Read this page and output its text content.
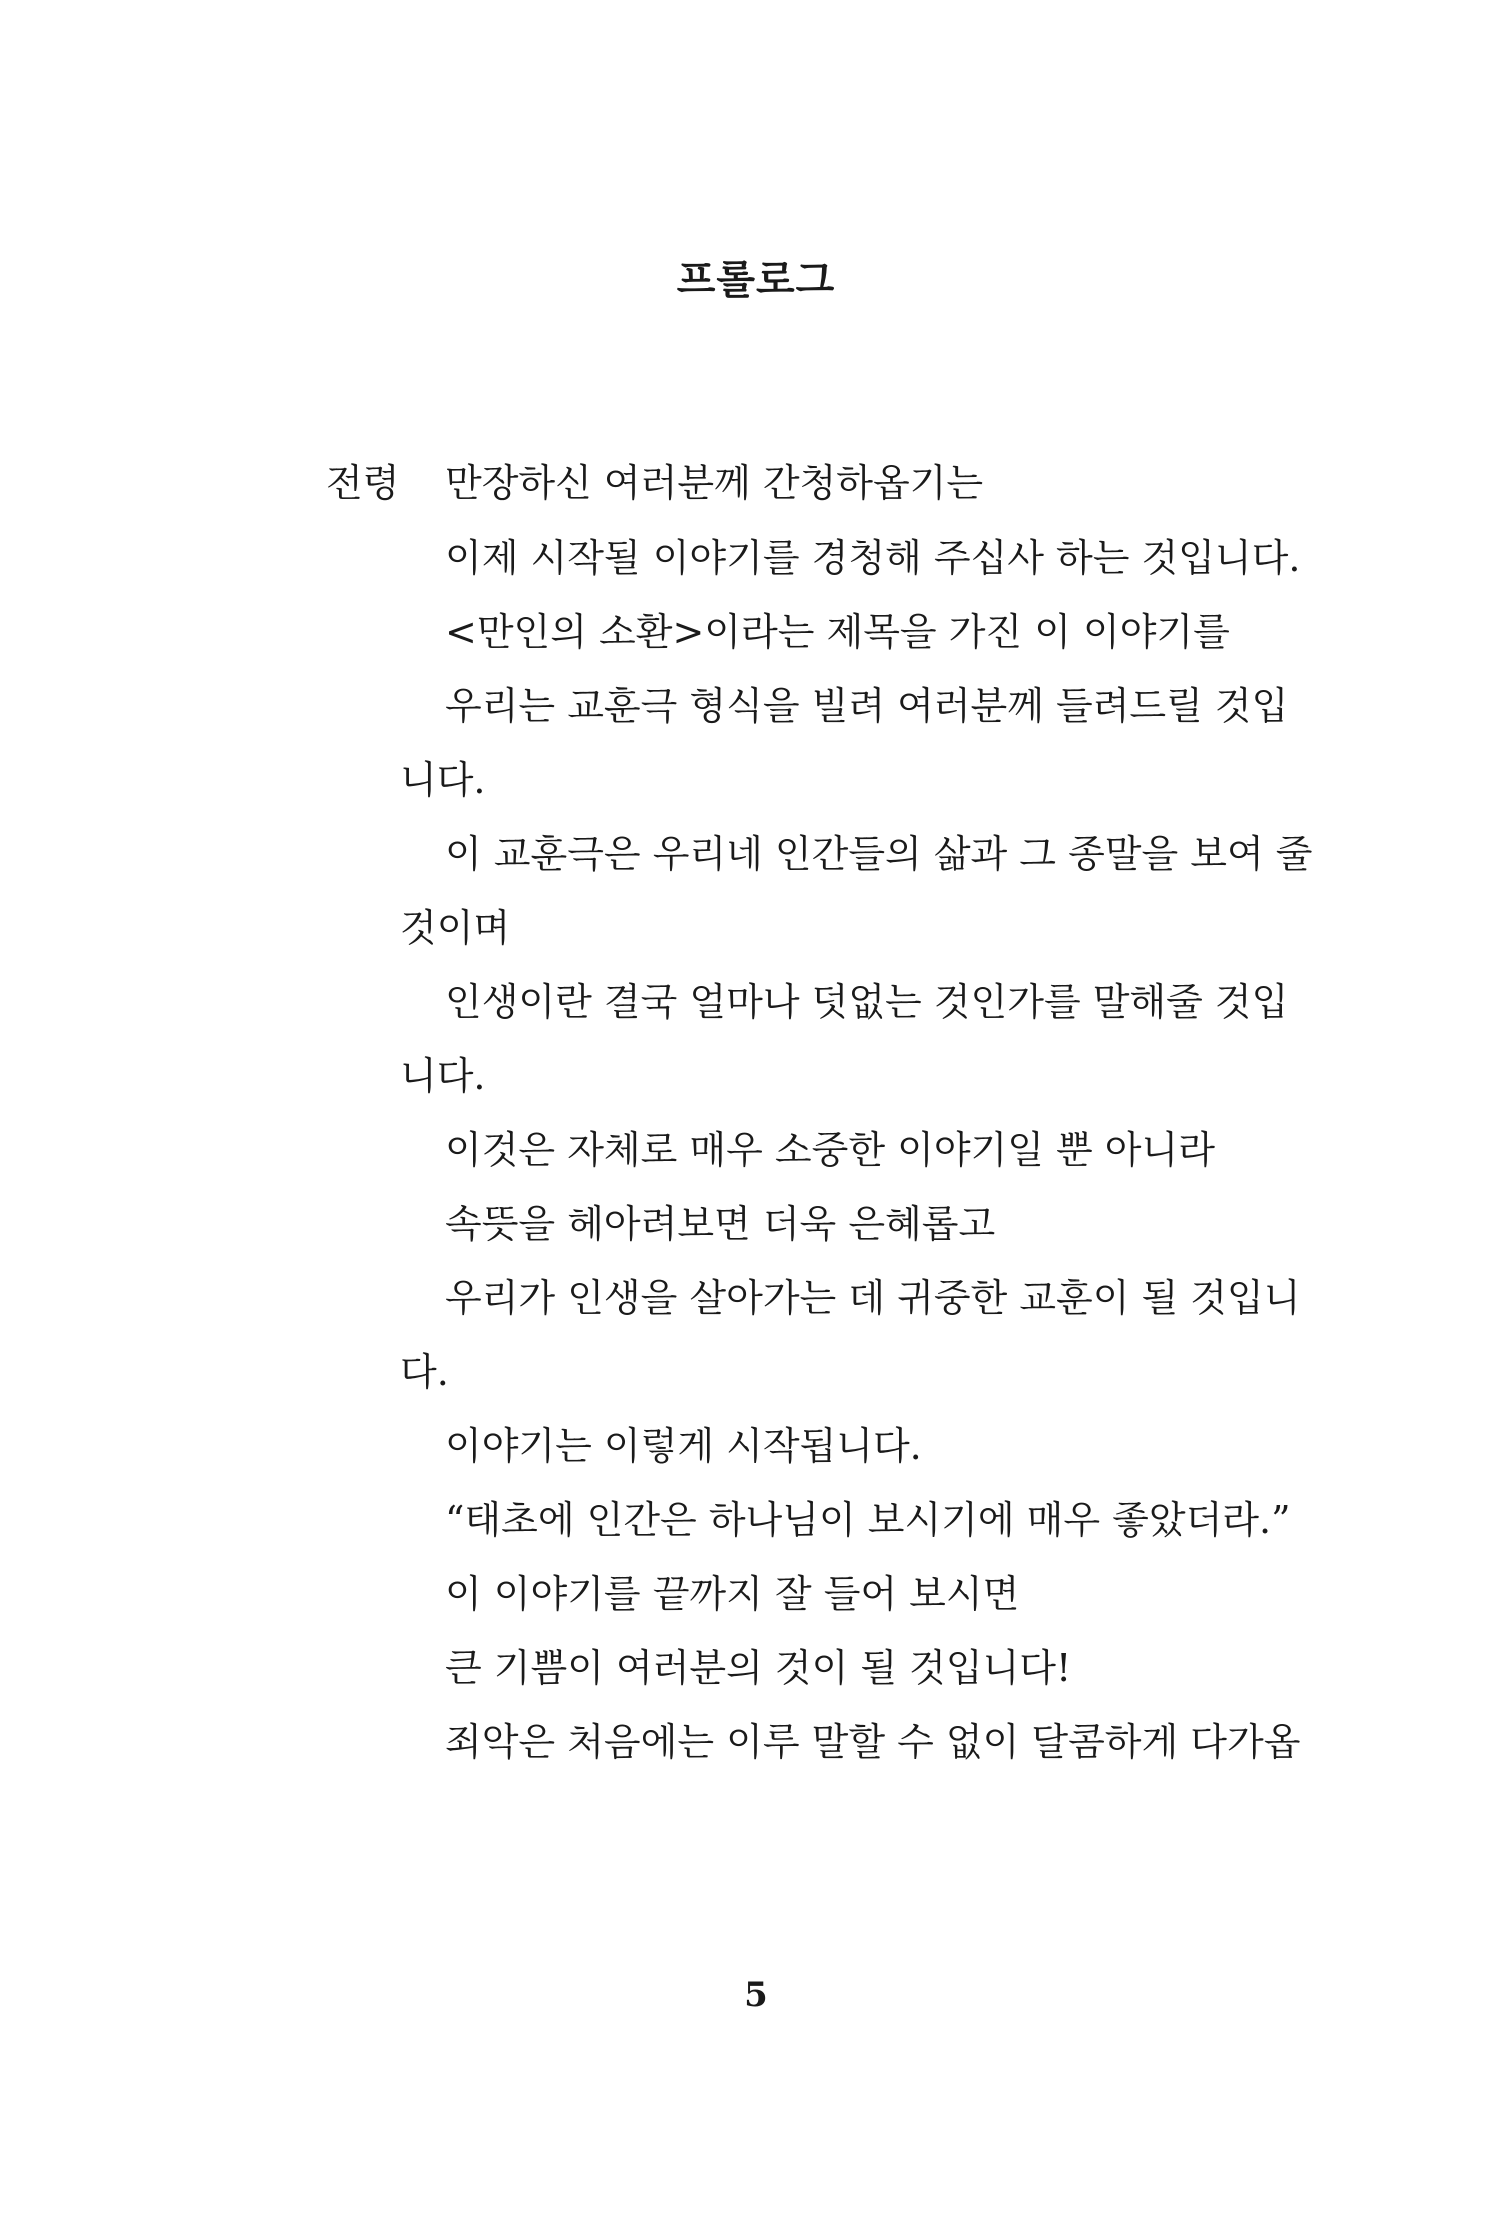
프롤로그
전령 만장하신 여러분께 간청하옵기는
이제 시작될 이야기를 경청해 주십사 하는 것입니다.
<만인의 소환>이라는 제목을 가진 이 이야기를
우리는 교훈극 형식을 빌려 여러분께 들려드릴 것입
니다.
이 교훈극은 우리네 인간들의 삶과 그 종말을 보여 줄
것이며
인생이란 결국 얼마나 덧없는 것인가를 말해줄 것입
니다.
이것은 자체로 매우 소중한 이야기일 뿐 아니라
속뜻을 헤아려보면 더욱 은혜롭고
우리가 인생을 살아가는 데 귀중한 교훈이 될 것입니
다.
이야기는 이렇게 시작됩니다.
“태초에 인간은 하나님이 보시기에 매우 좋았더라.”
이 이야기를 끝까지 잘 들어 보시면
큰 기쁨이 여러분의 것이 될 것입니다!
죄악은 처음에는 이루 말할 수 없이 달콤하게 다가옵
5
